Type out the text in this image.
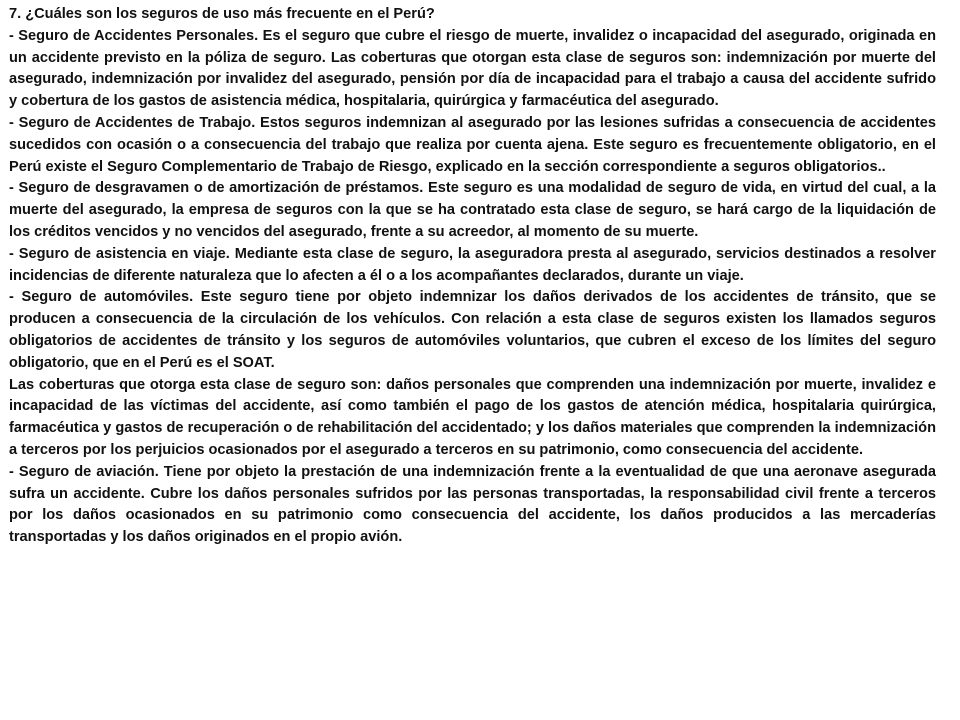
7. ¿Cuáles son los seguros de uso más frecuente en el Perú?

- Seguro de Accidentes Personales. Es el seguro que cubre el riesgo de muerte, invalidez o incapacidad del asegurado, originada en un accidente previsto en la póliza de seguro. Las coberturas que otorgan esta clase de seguros son: indemnización por muerte del asegurado, indemnización por invalidez del asegurado, pensión por día de incapacidad para el trabajo a causa del accidente sufrido y cobertura de los gastos de asistencia médica, hospitalaria, quirúrgica y farmacéutica del asegurado.

- Seguro de Accidentes de Trabajo. Estos seguros indemnizan al asegurado por las lesiones sufridas a consecuencia de accidentes sucedidos con ocasión o a consecuencia del trabajo que realiza por cuenta ajena. Este seguro es frecuentemente obligatorio, en el Perú existe el Seguro Complementario de Trabajo de Riesgo, explicado en la sección correspondiente a seguros obligatorios..

- Seguro de desgravamen o de amortización de préstamos. Este seguro es una modalidad de seguro de vida, en virtud del cual, a la muerte del asegurado, la empresa de seguros con la que se ha contratado esta clase de seguro, se hará cargo de la liquidación de los créditos vencidos y no vencidos del asegurado, frente a su acreedor, al momento de su muerte.

- Seguro de asistencia en viaje. Mediante esta clase de seguro, la aseguradora presta al asegurado, servicios destinados a resolver incidencias de diferente naturaleza que lo afecten a él o a los acompañantes declarados, durante un viaje.

- Seguro de automóviles. Este seguro tiene por objeto indemnizar los daños derivados de los accidentes de tránsito, que se producen a consecuencia de la circulación de los vehículos. Con relación a esta clase de seguros existen los llamados seguros obligatorios de accidentes de tránsito y los seguros de automóviles voluntarios, que cubren el exceso de los límites del seguro obligatorio, que en el Perú es el SOAT.

Las coberturas que otorga esta clase de seguro son: daños personales que comprenden una indemnización por muerte, invalidez e incapacidad de las víctimas del accidente, así como también el pago de los gastos de atención médica, hospitalaria quirúrgica, farmacéutica y gastos de recuperación o de rehabilitación del accidentado; y los daños materiales que comprenden la indemnización a terceros por los perjuicios ocasionados por el asegurado a terceros en su patrimonio, como consecuencia del accidente.

- Seguro de aviación. Tiene por objeto la prestación de una indemnización frente a la eventualidad de que una aeronave asegurada sufra un accidente. Cubre los daños personales sufridos por las personas transportadas, la responsabilidad civil frente a terceros por los daños ocasionados en su patrimonio como consecuencia del accidente, los daños producidos a las mercaderías transportadas y los daños originados en el propio avión.
